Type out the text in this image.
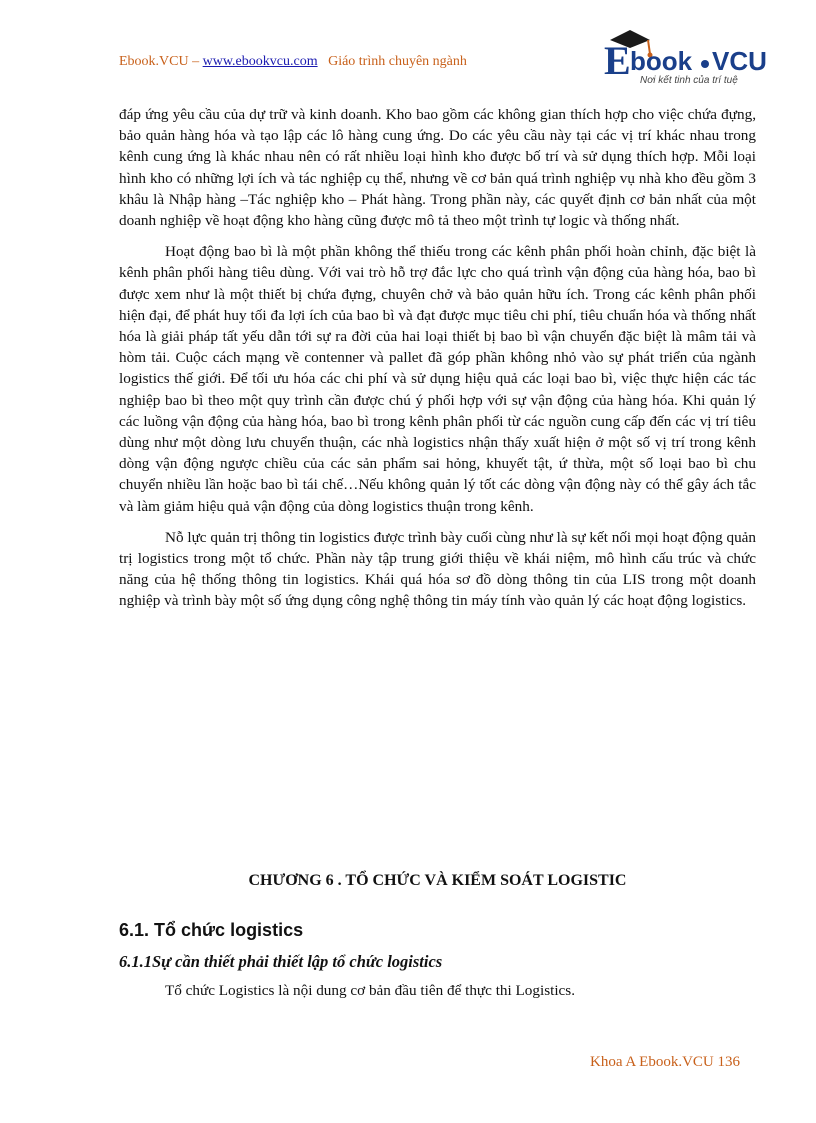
Ebook.VCU – www.ebookvcu.com Giáo trình chuyên ngành	E book VCU
Nơi kết tinh của trí tuệ

đáp ứng yêu cầu của dự trữ và kinh doanh. Kho bao gồm các không gian thích hợp cho việc chứa đựng, bảo quản hàng hóa và tạo lập các lô hàng cung ứng. Do các yêu cầu này tại các vị trí khác nhau trong kênh cung ứng là khác nhau nên có rất nhiều loại hình kho được bố trí và sử dụng thích hợp. Mỗi loại hình kho có những lợi ích và tác nghiệp cụ thể, nhưng về cơ bản quá trình nghiệp vụ nhà kho đều gồm 3 khâu là Nhập hàng –Tác nghiệp kho – Phát hàng. Trong phần này, các quyết định cơ bản nhất của một doanh nghiệp về hoạt động kho hàng cũng được mô tả theo một trình tự logic và thống nhất.

Hoạt động bao bì là một phần không thể thiếu trong các kênh phân phối hoàn chỉnh, đặc biệt là kênh phân phối hàng tiêu dùng. Với vai trò hỗ trợ đắc lực cho quá trình vận động của hàng hóa, bao bì được xem như là một thiết bị chứa đựng, chuyên chở và bảo quản hữu ích. Trong các kênh phân phối hiện đại, để phát huy tối đa lợi ích của bao bì và đạt được mục tiêu chi phí, tiêu chuẩn hóa và thống nhất hóa là giải pháp tất yếu dẫn tới sự ra đời của hai loại thiết bị bao bì vận chuyển đặc biệt là mâm tải và hòm tải. Cuộc cách mạng về contenner và pallet đã góp phần không nhỏ vào sự phát triển của ngành logistics thế giới. Để tối ưu hóa các chi phí và sử dụng hiệu quả các loại bao bì, việc thực hiện các tác nghiệp bao bì theo một quy trình cần được chú ý phối hợp với sự vận động của hàng hóa. Khi quản lý các luồng vận động của hàng hóa, bao bì trong kênh phân phối từ các nguồn cung cấp đến các vị trí tiêu dùng như một dòng lưu chuyển thuận, các nhà logistics nhận thấy xuất hiện ở một số vị trí trong kênh dòng vận động ngược chiều của các sản phẩm sai hỏng, khuyết tật, ứ thừa, một số loại bao bì chu chuyển nhiều lần hoặc bao bì tái chế…Nếu không quản lý tốt các dòng vận động này có thể gây ách tắc và làm giảm hiệu quả vận động của dòng logistics thuận trong kênh.

Nỗ lực quản trị thông tin logistics được trình bày cuối cùng như là sự kết nối mọi hoạt động quản trị logistics trong một tổ chức. Phần này tập trung giới thiệu về khái niệm, mô hình cấu trúc và chức năng của hệ thống thông tin logistics. Khái quá hóa sơ đồ dòng thông tin của LIS trong một doanh nghiệp và trình bày một số ứng dụng công nghệ thông tin máy tính vào quản lý các hoạt động logistics.

CHƯƠNG 6 . TỔ CHỨC VÀ KIỂM SOÁT LOGISTIC
6.1. Tổ chức logistics
6.1.1Sự cần thiết phải thiết lập tổ chức logistics
Tổ chức Logistics là nội dung cơ bản đầu tiên để thực thi Logistics.
Khoa A Ebook.VCU 136
